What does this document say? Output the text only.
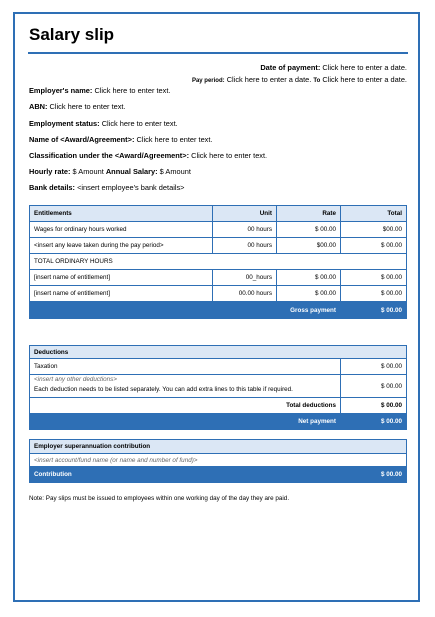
Salary slip
Date of payment: Click here to enter a date.
Pay period: Click here to enter a date. To Click here to enter a date.
Employer's name: Click here to enter text.
ABN: Click here to enter text.
Employment status: Click here to enter text.
Name of <Award/Agreement>: Click here to enter text.
Classification under the <Award/Agreement>: Click here to enter text.
Hourly rate: $ Amount Annual Salary: $ Amount
Bank details: <insert employee's bank details>
Entitlements	Unit	Rate	Total
Wages for ordinary hours worked	00 hours	$ 00.00	$00.00
<insert any leave taken during the pay period>	00 hours	$00.00	$ 00.00
TOTAL ORDINARY HOURS			
[insert name of entitlement]	00_hours	$ 00.00	$ 00.00
[insert name of entitlement]	00.00 hours	$ 00.00	$ 00.00
Gross payment			$ 00.00
Deductions	
Taxation	$ 00.00

<insert any other deductions>
Each deduction needs to be listed separately. You can add extra lines to this table if required.	$ 00.00
Total deductions	$ 00.00
Net payment	$ 00.00
Employer superannuation contribution
<insert account/fund name (or name and number of fund)>
Contribution	$ 00.00
Note: Pay slips must be issued to employees within one working day of the day they are paid.
